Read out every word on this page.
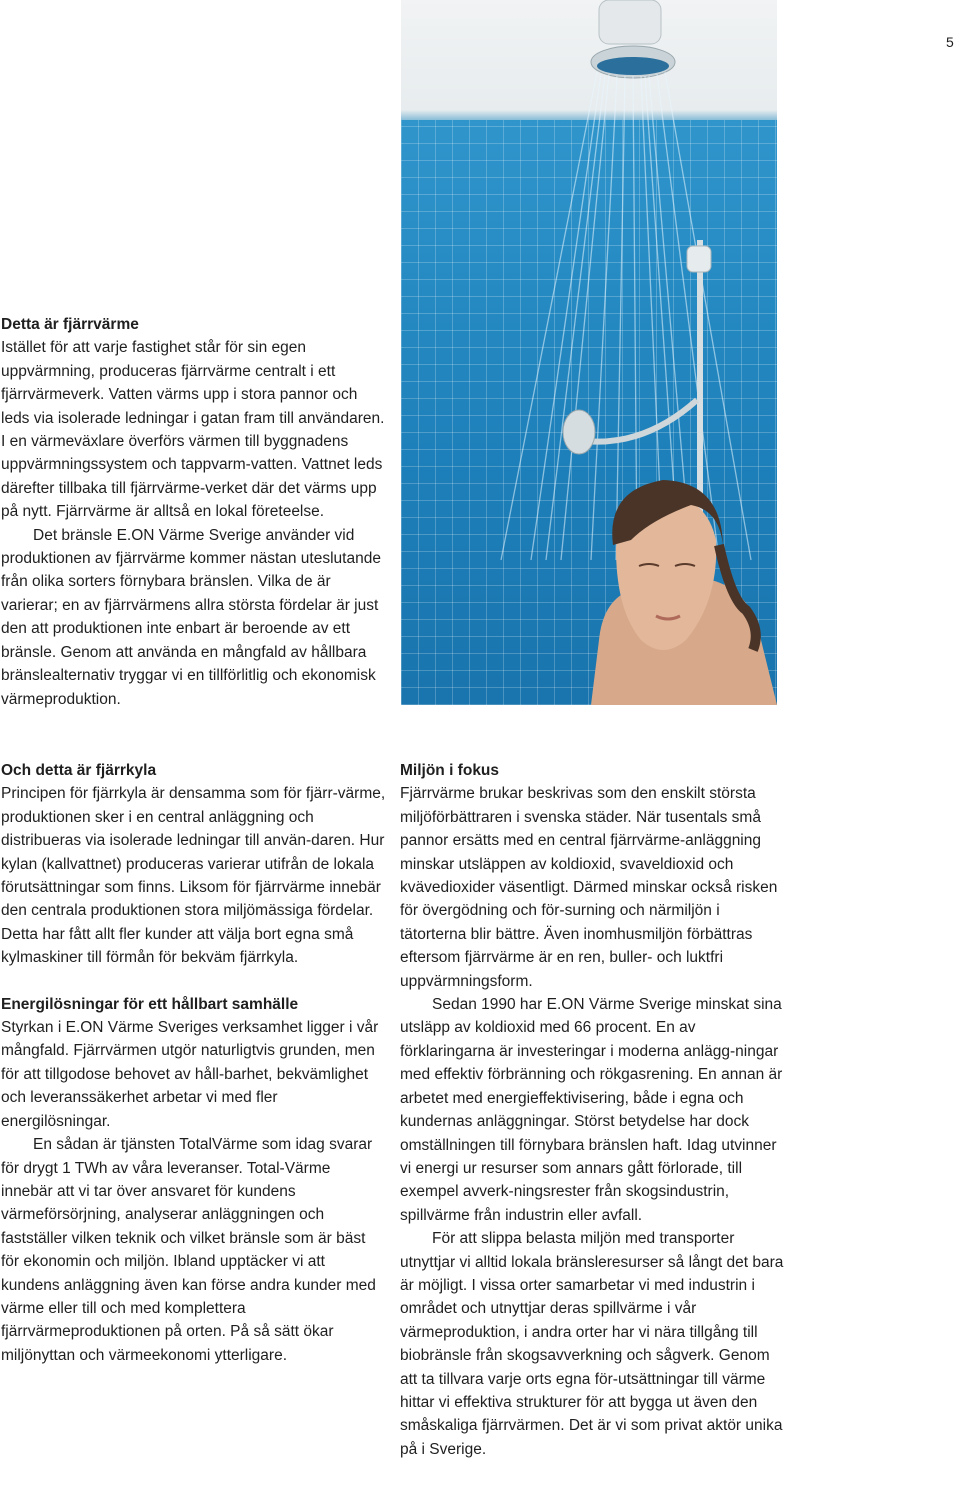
5
Detta är fjärrvärme

Istället för att varje fastighet står för sin egen uppvärmning, produceras fjärrvärme centralt i ett fjärrvärmeverk. Vatten värms upp i stora pannor och leds via isolerade ledningar i gatan fram till användaren. I en värmeväxlare överförs värmen till byggnadens uppvärmningssystem och tappvarm-vatten. Vattnet leds därefter tillbaka till fjärrvärme-verket där det värms upp på nytt. Fjärrvärme är alltså en lokal företeelse.

Det bränsle E.ON Värme Sverige använder vid produktionen av fjärrvärme kommer nästan uteslutande från olika sorters förnybara bränslen. Vilka de är varierar; en av fjärrvärmens allra största fördelar är just den att produktionen inte enbart är beroende av ett bränsle. Genom att använda en mångfald av hållbara bränslealternativ tryggar vi en tillförlitlig och ekonomisk värmeproduktion.

Och detta är fjärrkyla

Principen för fjärrkyla är densamma som för fjärr-värme, produktionen sker i en central anläggning och distribueras via isolerade ledningar till använ-daren. Hur kylan (kallvattnet) produceras varierar utifrån de lokala förutsättningar som finns. Liksom för fjärrvärme innebär den centrala produktionen stora miljömässiga fördelar. Detta har fått allt fler kunder att välja bort egna små kylmaskiner till förmån för bekväm fjärrkyla.

Energilösningar för ett hållbart samhälle

Styrkan i E.ON Värme Sveriges verksamhet ligger i vår mångfald. Fjärrvärmen utgör naturligtvis grunden, men för att tillgodose behovet av håll-barhet, bekvämlighet och leveranssäkerhet arbetar vi med fler energilösningar.

En sådan är tjänsten TotalVärme som idag svarar för drygt 1 TWh av våra leveranser. Total-Värme innebär att vi tar över ansvaret för kundens värmeförsörjning, analyserar anläggningen och fastställer vilken teknik och vilket bränsle som är bäst för ekonomin och miljön. Ibland upptäcker vi att kundens anläggning även kan förse andra kunder med värme eller till och med komplettera fjärrvärmeproduktionen på orten. På så sätt ökar miljönyttan och värmeekonomi ytterligare.

Miljön i fokus

Fjärrvärme brukar beskrivas som den enskilt största miljöförbättraren i svenska städer. När tusentals små pannor ersätts med en central fjärrvärme-anläggning minskar utsläppen av koldioxid, svaveldioxid och kvävedioxider väsentligt. Därmed minskar också risken för övergödning och för-surning och närmiljön i tätorterna blir bättre. Även inomhusmiljön förbättras eftersom fjärrvärme är en ren, buller- och luktfri uppvärmningsform.

Sedan 1990 har E.ON Värme Sverige minskat sina utsläpp av koldioxid med 66 procent. En av förklaringarna är investeringar i moderna anlägg-ningar med effektiv förbränning och rökgasrening. En annan är arbetet med energieffektivisering, både i egna och kundernas anläggningar. Störst betydelse har dock omställningen till förnybara bränslen haft. Idag utvinner vi energi ur resurser som annars gått förlorade, till exempel avverk-ningsrester från skogsindustrin, spillvärme från industrin eller avfall.

För att slippa belasta miljön med transporter utnyttjar vi alltid lokala bränsleresurser så långt det bara är möjligt. I vissa orter samarbetar vi med industrin i området och utnyttjar deras spillvärme i vår värmeproduktion, i andra orter har vi nära tillgång till biobränsle från skogsavverkning och sågverk. Genom att ta tillvara varje orts egna för-utsättningar till värme hittar vi effektiva strukturer för att bygga ut även den småskaliga fjärrvärmen. Det är vi som privat aktör unika på i Sverige.
